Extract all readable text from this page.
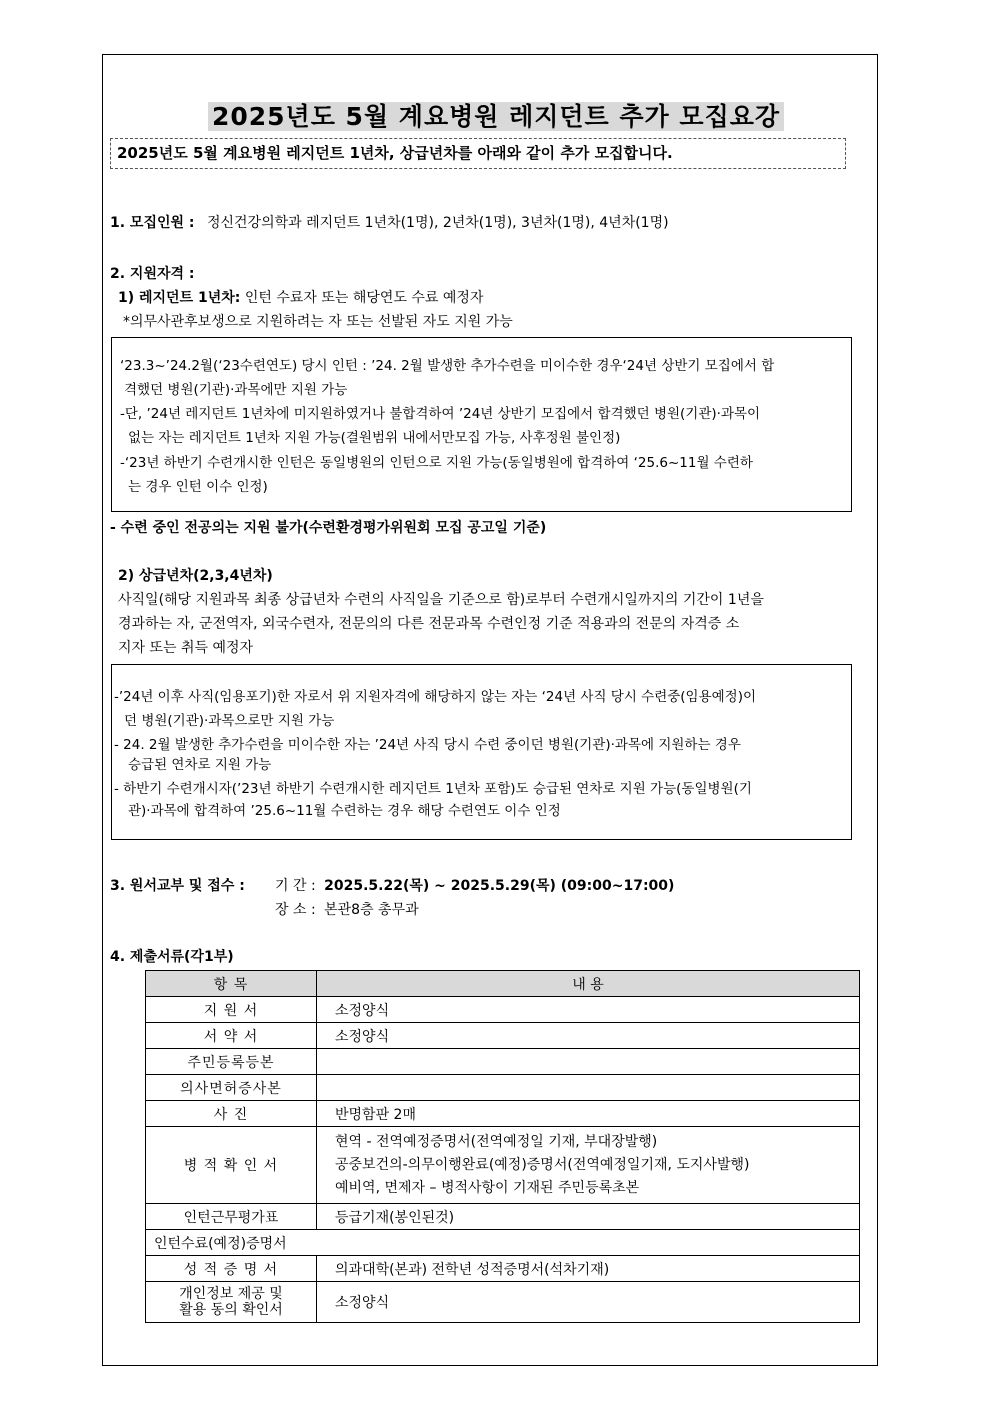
2025년도 5월 계요병원 레지던트 추가 모집요강
2025년도 5월 계요병원 레지던트 1년차, 상급년차를 아래와 같이 추가 모집합니다.
1. 모집인원 : 정신건강의학과 레지던트 1년차(1명), 2년차(1명), 3년차(1명), 4년차(1명)
2. 지원자격 :
1) 레지던트 1년차: 인턴 수료자 또는 해당연도 수료 예정자
*의무사관후보생으로 지원하려는 자 또는 선발된 자도 지원 가능
‘23.3~’24.2월(‘23수련연도) 당시 인턴 : ’24. 2월 발생한 추가수련을 미이수한 경우‘24년 상반기 모집에서 합
격했던 병원(기관)·과목에만 지원 가능
-단, ’24년 레지던트 1년차에 미지원하였거나 불합격하여 ’24년 상반기 모집에서 합격했던 병원(기관)·과목이
없는 자는 레지던트 1년차 지원 가능(결원범위 내에서만모집 가능, 사후정원 불인정)
-‘23년 하반기 수련개시한 인턴은 동일병원의 인턴으로 지원 가능(동일병원에 합격하여 ‘25.6~11월 수련하
는 경우 인턴 이수 인정)
- 수련 중인 전공의는 지원 불가(수련환경평가위원회 모집 공고일 기준)
2) 상급년차(2,3,4년차)
사직일(해당 지원과목 최종 상급년차 수련의 사직일을 기준으로 함)로부터 수련개시일까지의 기간이 1년을
경과하는 자, 군전역자, 외국수련자, 전문의의 다른 전문과목 수련인정 기준 적용과의 전문의 자격증 소
지자 또는 취득 예정자
-’24년 이후 사직(임용포기)한 자로서 위 지원자격에 해당하지 않는 자는 ‘24년 사직 당시 수련중(임용예정)이
던 병원(기관)·과목으로만 지원 가능
- 24. 2월 발생한 추가수련을 미이수한 자는 ’24년 사직 당시 수련 중이던 병원(기관)·과목에 지원하는 경우
승급된 연차로 지원 가능
- 하반기 수련개시자(’23년 하반기 수련개시한 레지던트 1년차 포함)도 승급된 연차로 지원 가능(동일병원(기
관)·과목에 합격하여 ’25.6~11월 수련하는 경우 해당 수련연도 이수 인정
3. 원서교부 및 접수 : 기 간 : 2025.5.22(목) ~ 2025.5.29(목) (09:00~17:00)
장 소 : 본관8층 총무과
4. 제출서류(각1부)
항 목	내 용
지 원 서	소정양식
서 약 서	소정양식
주민등록등본	
의사면허증사본	
사 진	반명함판 2매
병 적 확 인 서	현역 - 전역예정증명서(전역예정일 기재, 부대장발행)
공중보건의-의무이행완료(예정)증명서(전역예정일기재, 도지사발행)
예비역, 면제자 – 병적사항이 기재된 주민등록초본

인턴근무평가표	등급기재(봉인된것)
인턴수료(예정)증명서	
성 적 증 명 서	의과대학(본과) 전학년 성적증명서(석차기재)

개인정보 제공 및
활용 동의 확인서	소정양식
